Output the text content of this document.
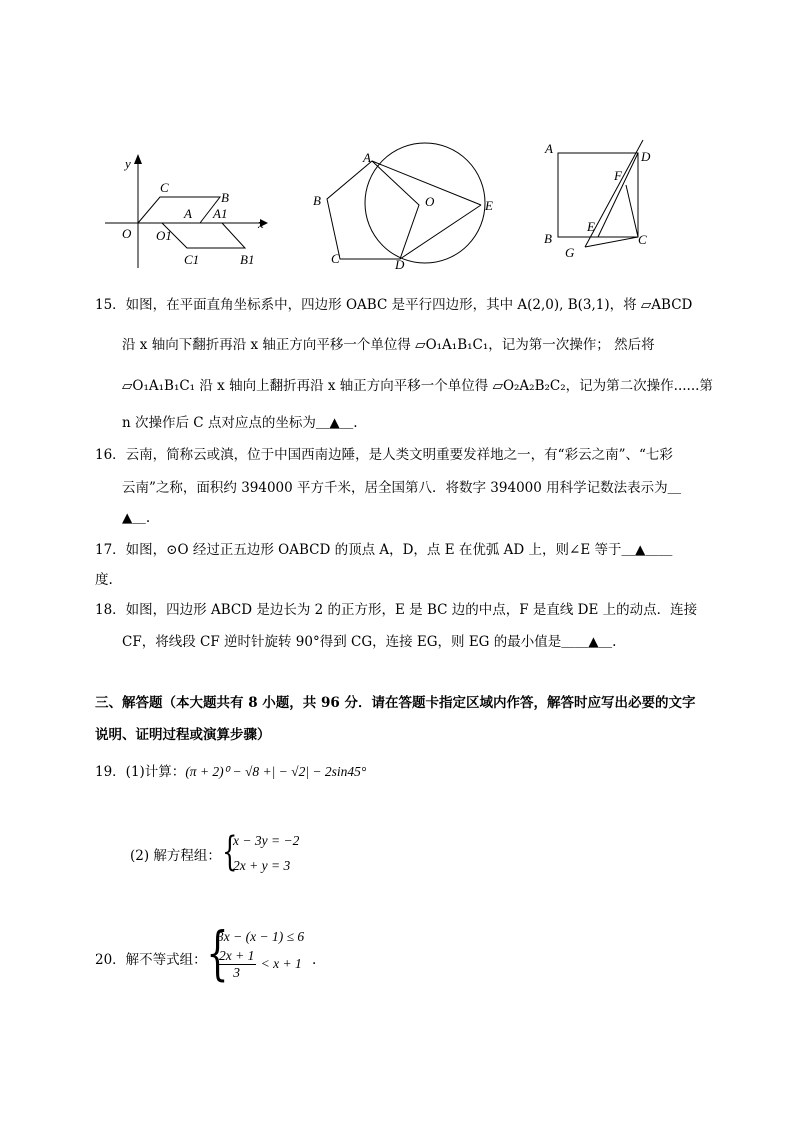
y
x
O
C
B
A A1
O1
C1	B1
A
B
C	D
E
O
A
D
F
E
B	C
G
15．如图，在平面直角坐标系中，四边形 OABC 是平行四边形，其中 A(2,0), B(3,1)，将 ▱ABCD
沿 x 轴向下翻折再沿 x 轴正方向平移一个单位得 ▱O₁A₁B₁C₁，记为第一次操作； 然后将
▱O₁A₁B₁C₁ 沿 x 轴向上翻折再沿 x 轴正方向平移一个单位得 ▱O₂A₂B₂C₂，记为第二次操作......第
n 次操作后 C 点对应点的坐标为＿▲＿.
16．云南，简称云或滇，位于中国西南边陲，是人类文明重要发祥地之一，有“彩云之南”、“七彩
云南”之称，面积约 394000 平方千米，居全国第八．将数字 394000 用科学记数法表示为＿
▲＿.
17．如图，⊙O 经过正五边形 OABCD 的顶点 A，D，点 E 在优弧 AD 上，则∠E 等于＿▲＿＿
度.
18．如图，四边形 ABCD 是边长为 2 的正方形，E 是 BC 边的中点，F 是直线 DE 上的动点．连接
CF，将线段 CF 逆时针旋转 90°得到 CG，连接 EG，则 EG 的最小值是＿＿▲＿.
三、解答题（本大题共有 8 小题，共 96 分．请在答题卡指定区域内作答，解答时应写出必要的文字
说明、证明过程或演算步骤）
19．(1)计算：(π + 2)⁰ − √8 +| − √2| − 2sin45°
(2) 解方程组： {
x − 3y = −2
2x + y = 3
20．解不等式组： {
3x − (x − 1) ≤ 6
$\frac{2x + 1}{3} < x + 1$ .
